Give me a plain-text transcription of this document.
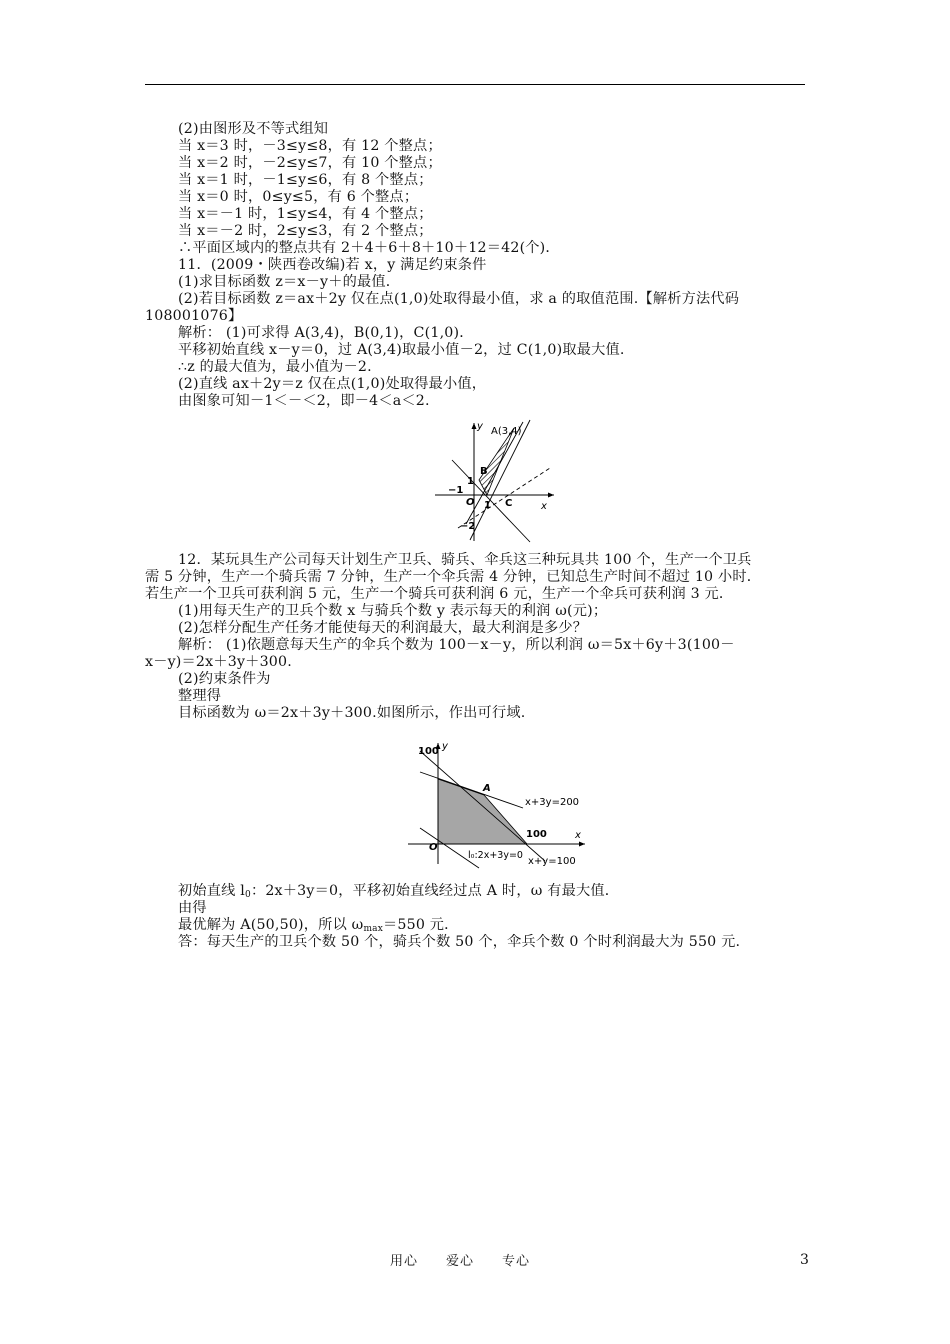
(2)由图形及不等式组知
当 x＝3 时，－3≤y≤8，有 12 个整点；
当 x＝2 时，－2≤y≤7，有 10 个整点；
当 x＝1 时，－1≤y≤6，有 8 个整点；
当 x＝0 时，0≤y≤5，有 6 个整点；
当 x＝－1 时，1≤y≤4，有 4 个整点；
当 x＝－2 时，2≤y≤3，有 2 个整点；
∴平面区域内的整点共有 2＋4＋6＋8＋10＋12＝42(个)．
11．(2009・陕西卷改编)若 x，y 满足约束条件
(1)求目标函数 z＝x－y＋的最值．
(2)若目标函数 z＝ax＋2y 仅在点(1,0)处取得最小值，求 a 的取值范围.【解析方法代码
108001076】
解析： (1)可求得 A(3,4)，B(0,1)，C(1,0)．
平移初始直线 x－y＝0，过 A(3,4)取最小值－2，过 C(1,0)取最大值.
∴z 的最大值为，最小值为－2.
(2)直线 ax＋2y＝z 仅在点(1,0)处取得最小值，
由图象可知－1＜－＜2，即－4＜a＜2.
y
x
A(3,4)
B
1
−1
O 1 C
−2
12．某玩具生产公司每天计划生产卫兵、骑兵、伞兵这三种玩具共 100 个，生产一个卫兵
需 5 分钟，生产一个骑兵需 7 分钟，生产一个伞兵需 4 分钟，已知总生产时间不超过 10 小时．
若生产一个卫兵可获利润 5 元，生产一个骑兵可获利润 6 元，生产一个伞兵可获利润 3 元．
(1)用每天生产的卫兵个数 x 与骑兵个数 y 表示每天的利润 ω(元)；
(2)怎样分配生产任务才能使每天的利润最大，最大利润是多少？
解析： (1)依题意每天生产的伞兵个数为 100－x－y，所以利润 ω＝5x＋6y＋3(100－
x－y)＝2x＋3y＋300.
(2)约束条件为
整理得
目标函数为 ω＝2x＋3y＋300.如图所示，作出可行域.
y
x
100
A
x+3y=200
100
O
l₀:2x+3y=0
x+y=100
初始直线 $l_0$：2x＋3y＝0，平移初始直线经过点 A 时，ω 有最大值．
由得
最优解为 A(50,50)，所以 $\omega_{max}=550$ 元．
答：每天生产的卫兵个数 50 个，骑兵个数 50 个，伞兵个数 0 个时利润最大为 550 元.
用心　　爱心　　专心	3
